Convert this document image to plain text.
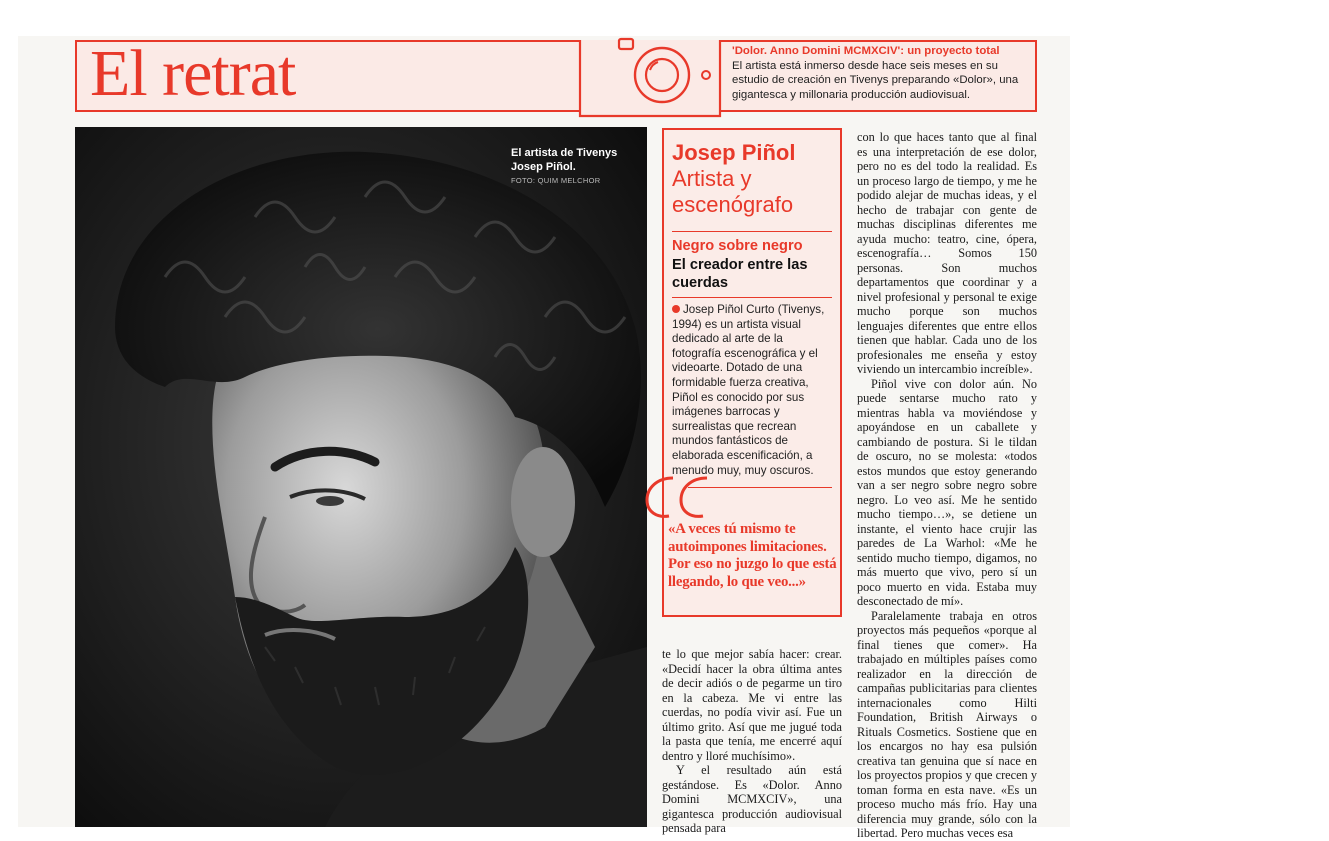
El retrat	'Dolor. Anno Domini MCMXCIV': un proyecto total
El artista está inmerso desde hace seis meses en su estudio de creación en Tivenys preparando «Dolor», una gigantesca y millonaria producción audiovisual.
El artista de Tivenys Josep Piñol.
FOTO: QUIM MELCHOR
Josep Piñol
Artista y escenógrafo
Negro sobre negro
El creador entre las cuerdas

Josep Piñol Curto (Tivenys, 1994) es un artista visual dedicado al arte de la fotografía escenográfica y el videoarte. Dotado de una formidable fuerza creativa, Piñol es conocido por sus imágenes barrocas y surrealistas que recrean mundos fantásticos de elaborada escenificación, a menudo muy, muy oscuros.

«A veces tú mismo te autoimpones limitaciones. Por eso no juzgo lo que está llegando, lo que veo...»

te lo que mejor sabía hacer: crear. «Decidí hacer la obra última antes de decir adiós o de pegarme un tiro en la cabeza. Me vi entre las cuerdas, no podía vivir así. Fue un último grito. Así que me jugué toda la pasta que tenía, me encerré aquí dentro y lloré muchísimo».

Y el resultado aún está gestándose. Es «Dolor. Anno Domini MCMXCIV», una gigantesca producción audiovisual pensada para

con lo que haces tanto que al final es una interpretación de ese dolor, pero no es del todo la realidad. Es un proceso largo de tiempo, y me he podido alejar de muchas ideas, y el hecho de trabajar con gente de muchas disciplinas diferentes me ayuda mucho: teatro, cine, ópera, escenografía… Somos 150 personas. Son muchos departamentos que coordinar y a nivel profesional y personal te exige mucho porque son muchos lenguajes diferentes que entre ellos tienen que hablar. Cada uno de los profesionales me enseña y estoy viviendo un intercambio increíble».

Piñol vive con dolor aún. No puede sentarse mucho rato y mientras habla va moviéndose y apoyándose en un caballete y cambiando de postura. Si le tildan de oscuro, no se molesta: «todos estos mundos que estoy generando van a ser negro sobre negro sobre negro. Lo veo así. Me he sentido mucho tiempo…», se detiene un instante, el viento hace crujir las paredes de La Warhol: «Me he sentido mucho tiempo, digamos, no más muerto que vivo, pero sí un poco muerto en vida. Estaba muy desconectado de mí».

Paralelamente trabaja en otros proyectos más pequeños «porque al final tienes que comer». Ha trabajado en múltiples países como realizador en la dirección de campañas publicitarias para clientes internacionales como Hilti Foundation, British Airways o Rituals Cosmetics. Sostiene que en los encargos no hay esa pulsión creativa tan genuina que sí nace en los proyectos propios y que crecen y toman forma en esta nave. «Es un proceso mucho más frío. Hay una diferencia muy grande, sólo con la libertad. Pero muchas veces esa
